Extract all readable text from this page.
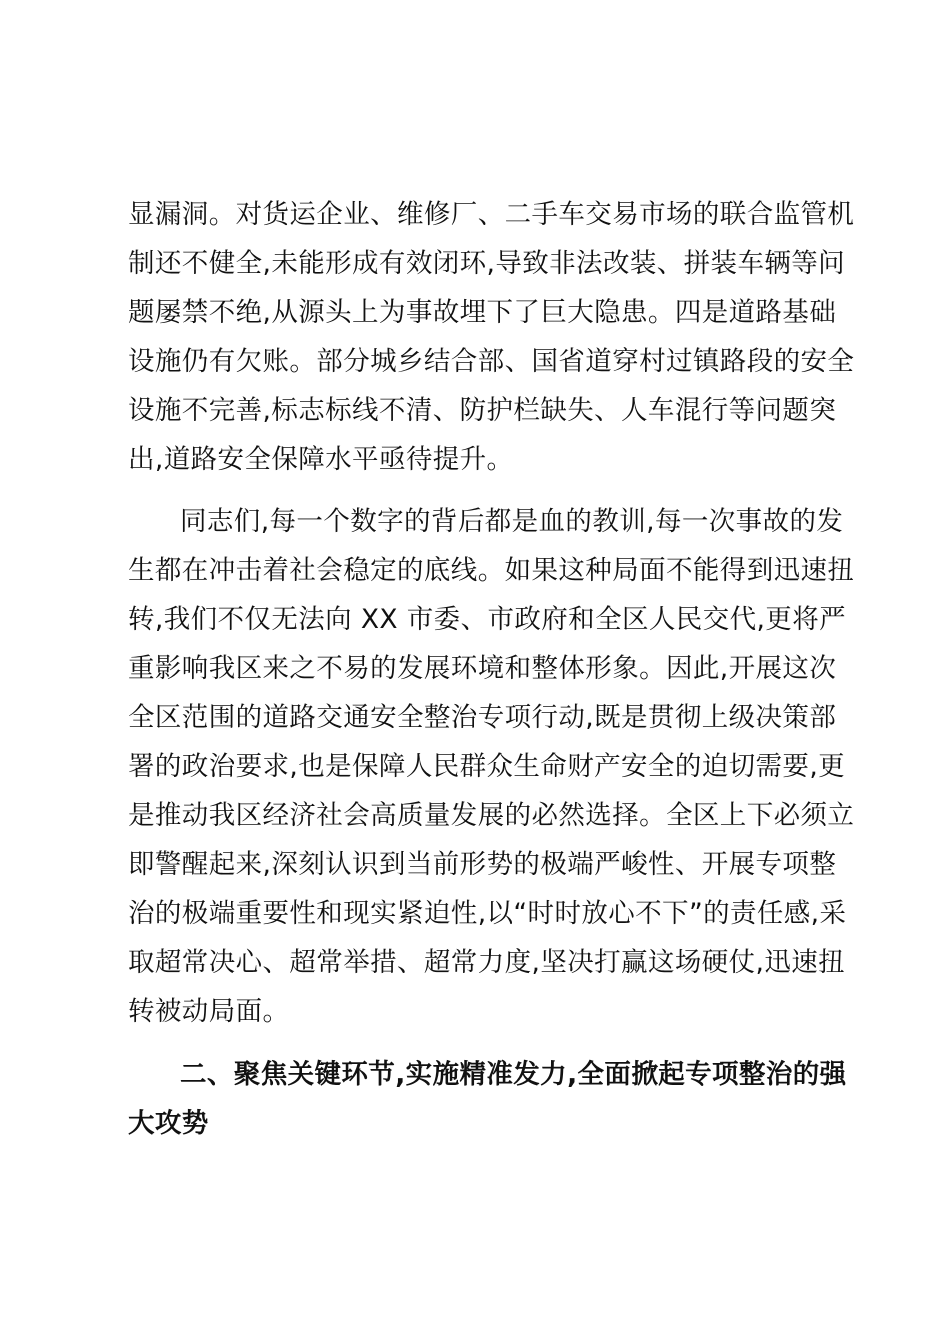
显漏洞。对货运企业、维修厂、二手车交易市场的联合监管机
制还不健全,未能形成有效闭环,导致非法改装、拼装车辆等问
题屡禁不绝,从源头上为事故埋下了巨大隐患。四是道路基础
设施仍有欠账。部分城乡结合部、国省道穿村过镇路段的安全
设施不完善,标志标线不清、防护栏缺失、人车混行等问题突
出,道路安全保障水平亟待提升。
同志们,每一个数字的背后都是血的教训,每一次事故的发
生都在冲击着社会稳定的底线。如果这种局面不能得到迅速扭
转,我们不仅无法向 XX 市委、市政府和全区人民交代,更将严
重影响我区来之不易的发展环境和整体形象。因此,开展这次
全区范围的道路交通安全整治专项行动,既是贯彻上级决策部
署的政治要求,也是保障人民群众生命财产安全的迫切需要,更
是推动我区经济社会高质量发展的必然选择。全区上下必须立
即警醒起来,深刻认识到当前形势的极端严峻性、开展专项整
治的极端重要性和现实紧迫性,以“时时放心不下”的责任感,采
取超常决心、超常举措、超常力度,坚决打赢这场硬仗,迅速扭
转被动局面。
二、聚焦关键环节,实施精准发力,全面掀起专项整治的强
大攻势
